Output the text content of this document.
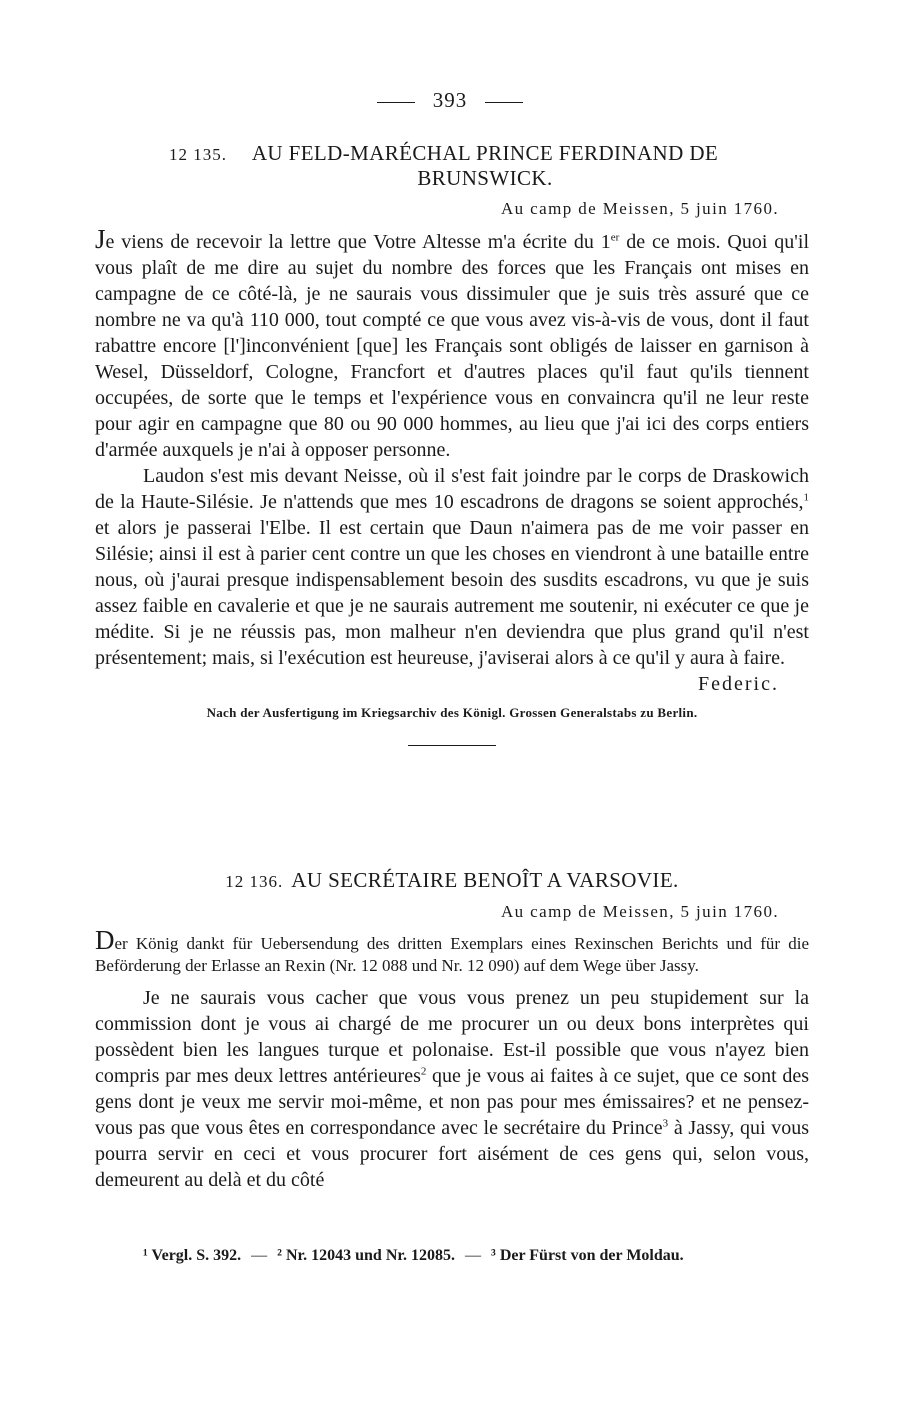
393
12 135. AU FELD-MARÉCHAL PRINCE FERDINAND DE BRUNSWICK.
Au camp de Meissen, 5 juin 1760.

Je viens de recevoir la lettre que Votre Altesse m'a écrite du 1er de ce mois. Quoi qu'il vous plaît de me dire au sujet du nombre des forces que les Français ont mises en campagne de ce côté-là, je ne saurais vous dissimuler que je suis très assuré que ce nombre ne va qu'à 110 000, tout compté ce que vous avez vis-à-vis de vous, dont il faut rabattre encore [l']inconvénient [que] les Français sont obligés de laisser en garnison à Wesel, Düsseldorf, Cologne, Francfort et d'autres places qu'il faut qu'ils tiennent occupées, de sorte que le temps et l'expérience vous en convaincra qu'il ne leur reste pour agir en campagne que 80 ou 90 000 hommes, au lieu que j'ai ici des corps entiers d'armée auxquels je n'ai à opposer personne.

Laudon s'est mis devant Neisse, où il s'est fait joindre par le corps de Draskowich de la Haute-Silésie. Je n'attends que mes 10 escadrons de dragons se soient approchés,$^1$ et alors je passerai l'Elbe. Il est certain que Daun n'aimera pas de me voir passer en Silésie; ainsi il est à parier cent contre un que les choses en viendront à une bataille entre nous, où j'aurai presque indispensablement besoin des susdits escadrons, vu que je suis assez faible en cavalerie et que je ne saurais autrement me soutenir, ni exécuter ce que je médite. Si je ne réussis pas, mon malheur n'en deviendra que plus grand qu'il n'est présentement; mais, si l'exécution est heureuse, j'aviserai alors à ce qu'il y aura à faire.

Federic.
Nach der Ausfertigung im Kriegsarchiv des Königl. Grossen Generalstabs zu Berlin.
12 136. AU SECRÉTAIRE BENOÎT A VARSOVIE.
Au camp de Meissen, 5 juin 1760.

Der König dankt für Uebersendung des dritten Exemplars eines Rexinschen Berichts und für die Beförderung der Erlasse an Rexin (Nr. 12 088 und Nr. 12 090) auf dem Wege über Jassy.

Je ne saurais vous cacher que vous vous prenez un peu stupidement sur la commission dont je vous ai chargé de me procurer un ou deux bons interprètes qui possèdent bien les langues turque et polonaise. Est-il possible que vous n'ayez bien compris par mes deux lettres antérieures$^2$ que je vous ai faites à ce sujet, que ce sont des gens dont je veux me servir moi-même, et non pas pour mes émissaires? et ne pensez-vous pas que vous êtes en correspondance avec le secrétaire du Prince$^3$ à Jassy, qui vous pourra servir en ceci et vous procurer fort aisément de ces gens qui, selon vous, demeurent au delà et du côté

¹ Vergl. S. 392. — ² Nr. 12043 und Nr. 12085. — ³ Der Fürst von der Moldau.
